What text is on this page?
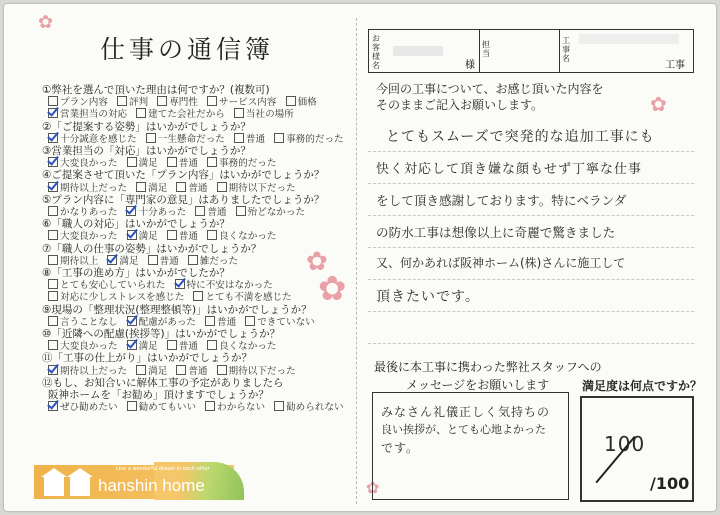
✿
✿
✿
✿
✿
仕事の通信簿
①弊社を選んで頂いた理由は何ですか？(複数可)
プラン内容 評判 専門性 サービス内容 価格
営業担当の対応 建てた会社だから 当社の場所
②「ご提案する姿勢」はいかがでしょうか？
十分誠意を感じた 一生懸命だった 普通 事務的だった
③営業担当の「対応」はいかがでしょうか？
大変良かった 満足 普通 事務的だった
④ご提案させて頂いた「プラン内容」はいかがでしょうか？
期待以上だった 満足 普通 期待以下だった
⑤プラン内容に「専門家の意見」はありましたでしょうか？
かなりあった 十分あった 普通 殆どなかった
⑥「職人の対応」はいかがでしょうか？
大変良かった 満足 普通 良くなかった
⑦「職人の仕事の姿勢」はいかがでしょうか？
期待以上 満足 普通 雑だった
⑧「工事の進め方」はいかがでしたか？
とても安心していられた 特に不安はなかった
対応に少しストレスを感じた とても不満を感じた
⑨現場の「整理状況(整理整頓等)」はいかがでしょうか？
言うことなし 配慮があった 普通 できていない
⑩「近隣への配慮(挨拶等)」はいかがでしょうか？
大変良かった 満足 普通 良くなかった
⑪「工事の仕上がり」はいかがでしょうか？
期待以上だった 満足 普通 期待以下だった
⑫もし、お知合いに解体工事の予定がありましたら
阪神ホームを「お勧め」頂けますでしょうか？
ぜひ勧めたい 勧めてもいい わからない 勧められない
Live a wonderful dream in each other
hanshin home
お客様名	様
担当
工事名
工事
今回の工事について、お感じ頂いた内容を
そのままご記入お願いします。
とてもスムーズで突発的な追加工事にも
快く対応して頂き嫌な顔もせず丁寧な仕事
をして頂き感謝しております。特にベランダ
の防水工事は想像以上に奇麗で驚きました
又、何かあれば阪神ホーム(株)さんに施工して
頂きたいです。
最後に本工事に携わった弊社スタッフへの
メッセージをお願いします	満足度は何点ですか？
みなさん礼儀正しく気持ちの
良い挨拶が、とても心地よかった
です。	100
/100
